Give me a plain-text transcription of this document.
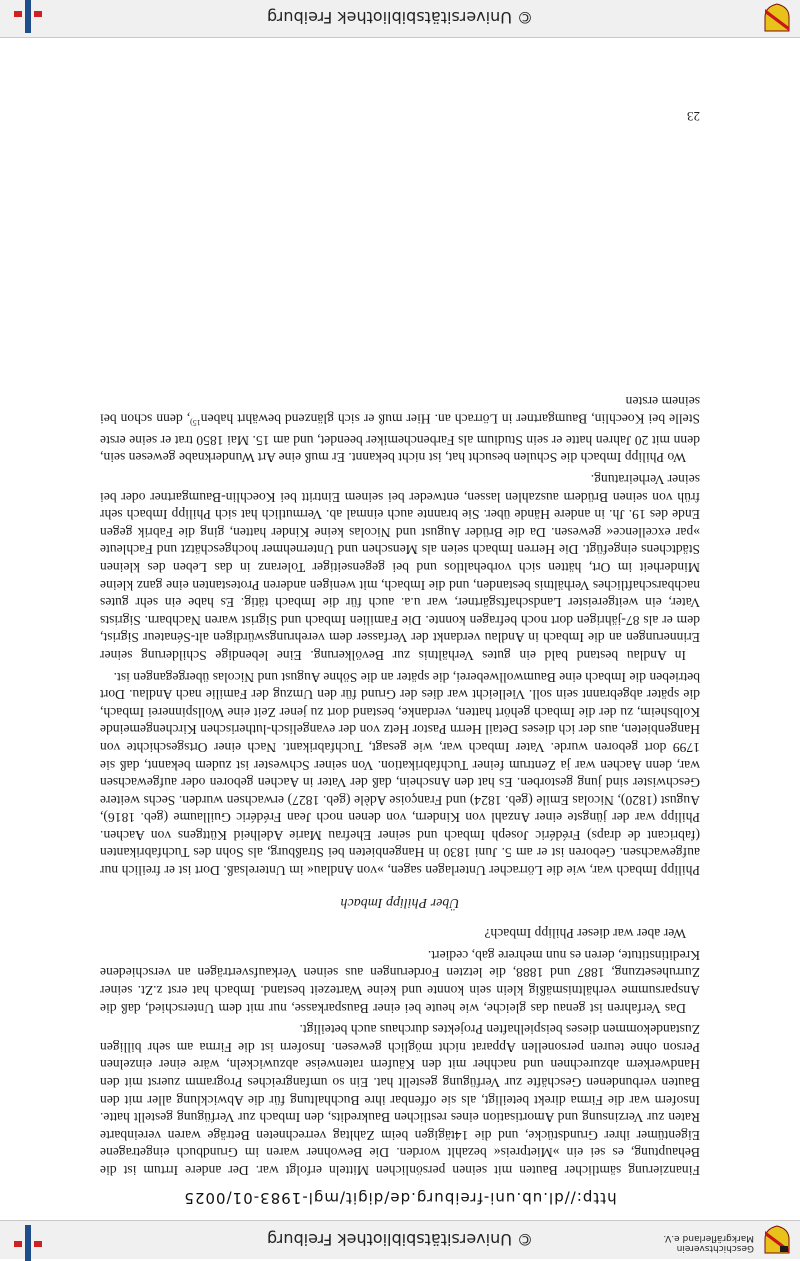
Geschichtsverein
Markgräflerland e.V.
© Universitätsbibliothek Freiburg
http://dl.ub.uni-freiburg.de/digit/mgl-1983-01/0025

Finanzierung sämtlicher Bauten mit seinen persönlichen Mitteln erfolgt war. Der andere Irrtum ist die Behauptung, es sei ein »Mietpreis« bezahlt worden. Die Bewohner waren im Grundbuch eingetragene Eigentümer ihrer Grundstücke, und die 14tägigen beim Zahltag verrechneten Beträge waren vereinbarte Raten zur Verzinsung und Amortisation eines restlichen Baukredits, den Imbach zur Verfügung gestellt hatte. Insofern war die Firma direkt beteiligt, als sie offenbar ihre Buchhaltung für die Abwicklung aller mit den Bauten verbundenen Geschäfte zur Verfügung gestellt hat. Ein so umfangreiches Programm zuerst mit den Handwerkern abzurechnen und nachher mit den Käufern ratenweise abzuwickeln, wäre einer einzelnen Person ohne teuren personellen Apparat nicht möglich gewesen. Insofern ist die Firma am sehr billigen Zustandekommen dieses beispielhaften Projektes durchaus auch beteiligt.

Das Verfahren ist genau das gleiche, wie heute bei einer Bausparkasse, nur mit dem Unterschied, daß die Ansparsumme verhältnismäßig klein sein konnte und keine Wartezeit bestand. Imbach hat erst z.Zt. seiner Zurruhesetzung, 1887 und 1888, die letzten Forderungen aus seinen Verkaufsverträgen an verschiedene Kreditinstitute, deren es nun mehrere gab, cediert.

Wer aber war dieser Philipp Imbach?

Über Philipp Imbach

Philipp Imbach war, wie die Lörracher Unterlagen sagen, »von Andlau« im Unterelsaß. Dort ist er freilich nur aufgewachsen. Geboren ist er am 5. Juni 1830 in Hangenbieten bei Straßburg, als Sohn des Tuchfabrikanten (fabricant de draps) Frédéric Joseph Imbach und seiner Ehefrau Marie Adelheid Küttgens von Aachen. Philipp war der jüngste einer Anzahl von Kindern, von denen noch Jean Frédéric Guillaume (geb. 1816), August (1820), Nicolas Emile (geb. 1824) und Françoise Adèle (geb. 1827) erwachsen wurden. Sechs weitere Geschwister sind jung gestorben. Es hat den Anschein, daß der Vater in Aachen geboren oder aufgewachsen war, denn Aachen war ja Zentrum feiner Tuchfabrikation. Von seiner Schwester ist zudem bekannt, daß sie 1799 dort geboren wurde. Vater Imbach war, wie gesagt, Tuchfabrikant. Nach einer Ortsgeschichte von Hangenbieten, aus der ich dieses Detail Herrn Pastor Hetz von der evangelisch-lutherischen Kirchengemeinde Kolbsheim, zu der die Imbach gehört hatten, verdanke, bestand dort zu jener Zeit eine Wollspinnerei Imbach, die später abgebrannt sein soll. Vielleicht war dies der Grund für den Umzug der Familie nach Andlau. Dort betrieben die Imbach eine Baumwollweberei, die später an die Söhne August und Nicolas übergegangen ist.

In Andlau bestand bald ein gutes Verhältnis zur Bevölkerung. Eine lebendige Schilderung seiner Erinnerungen an die Imbach in Andlau verdankt der Verfasser dem verehrungswürdigen alt-Sénateur Sigrist, dem er als 87-jährigen dort noch befragen konnte. Die Familien Imbach und Sigrist waren Nachbarn. Sigrists Vater, ein weitgereister Landschaftsgärtner, war u.a. auch für die Imbach tätig. Es habe ein sehr gutes nachbarschaftliches Verhältnis bestanden, und die Imbach, mit wenigen anderen Protestanten eine ganz kleine Minderheit im Ort, hätten sich vorbehaltlos und bei gegenseitiger Toleranz in das Leben des kleinen Städtchens eingefügt. Die Herren Imbach seien als Menschen und Unternehmer hochgeschätzt und Fachleute »par excellence« gewesen. Da die Brüder August und Nicolas keine Kinder hatten, ging die Fabrik gegen Ende des 19. Jh. in andere Hände über. Sie brannte auch einmal ab. Vermutlich hat sich Philipp Imbach sehr früh von seinen Brüdern auszahlen lassen, entweder bei seinem Eintritt bei Koechlin-Baumgartner oder bei seiner Verheiratung.

Wo Philipp Imbach die Schulen besucht hat, ist nicht bekannt. Er muß eine Art Wunderknabe gewesen sein, denn mit 20 Jahren hatte er sein Studium als Farbenchemiker beendet, und am 15. Mai 1850 trat er seine erste Stelle bei Koechlin, Baumgartner in Lörrach an. Hier muß er sich glänzend bewährt haben$^{15)}$, denn schon bei seinem ersten

23
© Universitätsbibliothek Freiburg
